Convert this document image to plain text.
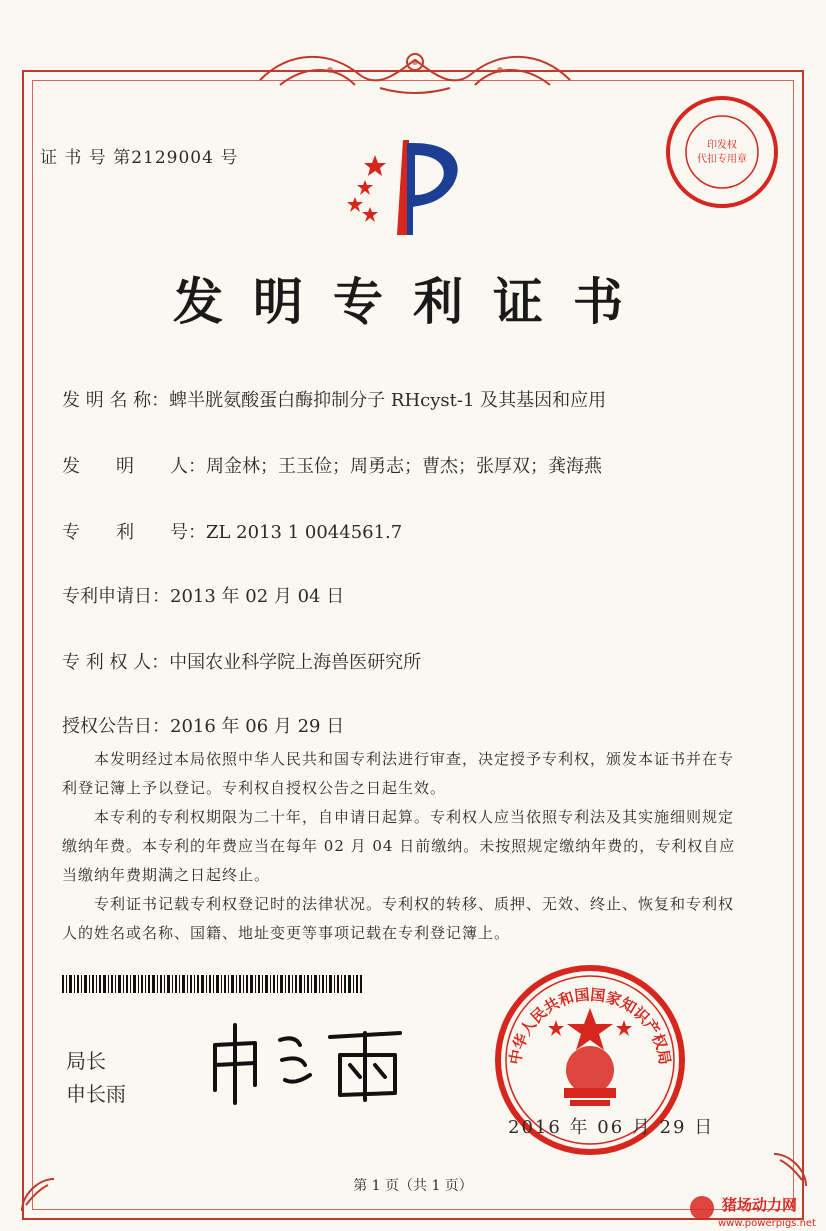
证 书 号 第2129004 号
印发权
代扣专用章
发明专利证书
发 明 名 称：蜱半胱氨酸蛋白酶抑制分子 RHcyst-1 及其基因和应用
发　　明　　人：周金林；王玉俭；周勇志；曹杰；张厚双；龚海燕
专　　利　　号：ZL 2013 1 0044561.7
专利申请日：2013 年 02 月 04 日
专 利 权 人：中国农业科学院上海兽医研究所
授权公告日：2016 年 06 月 29 日
本发明经过本局依照中华人民共和国专利法进行审查，决定授予专利权，颁发本证书并在专利登记簿上予以登记。专利权自授权公告之日起生效。
本专利的专利权期限为二十年，自申请日起算。专利权人应当依照专利法及其实施细则规定缴纳年费。本专利的年费应当在每年 02 月 04 日前缴纳。未按照规定缴纳年费的，专利权自应当缴纳年费期满之日起终止。
专利证书记载专利权登记时的法律状况。专利权的转移、质押、无效、终止、恢复和专利权人的姓名或名称、国籍、地址变更等事项记载在专利登记簿上。
局长
申长雨
中华人民共和国国家知识产权局
2016 年 06 月 29 日
第 1 页（共 1 页）
猪场动力网
www.powerpigs.net
